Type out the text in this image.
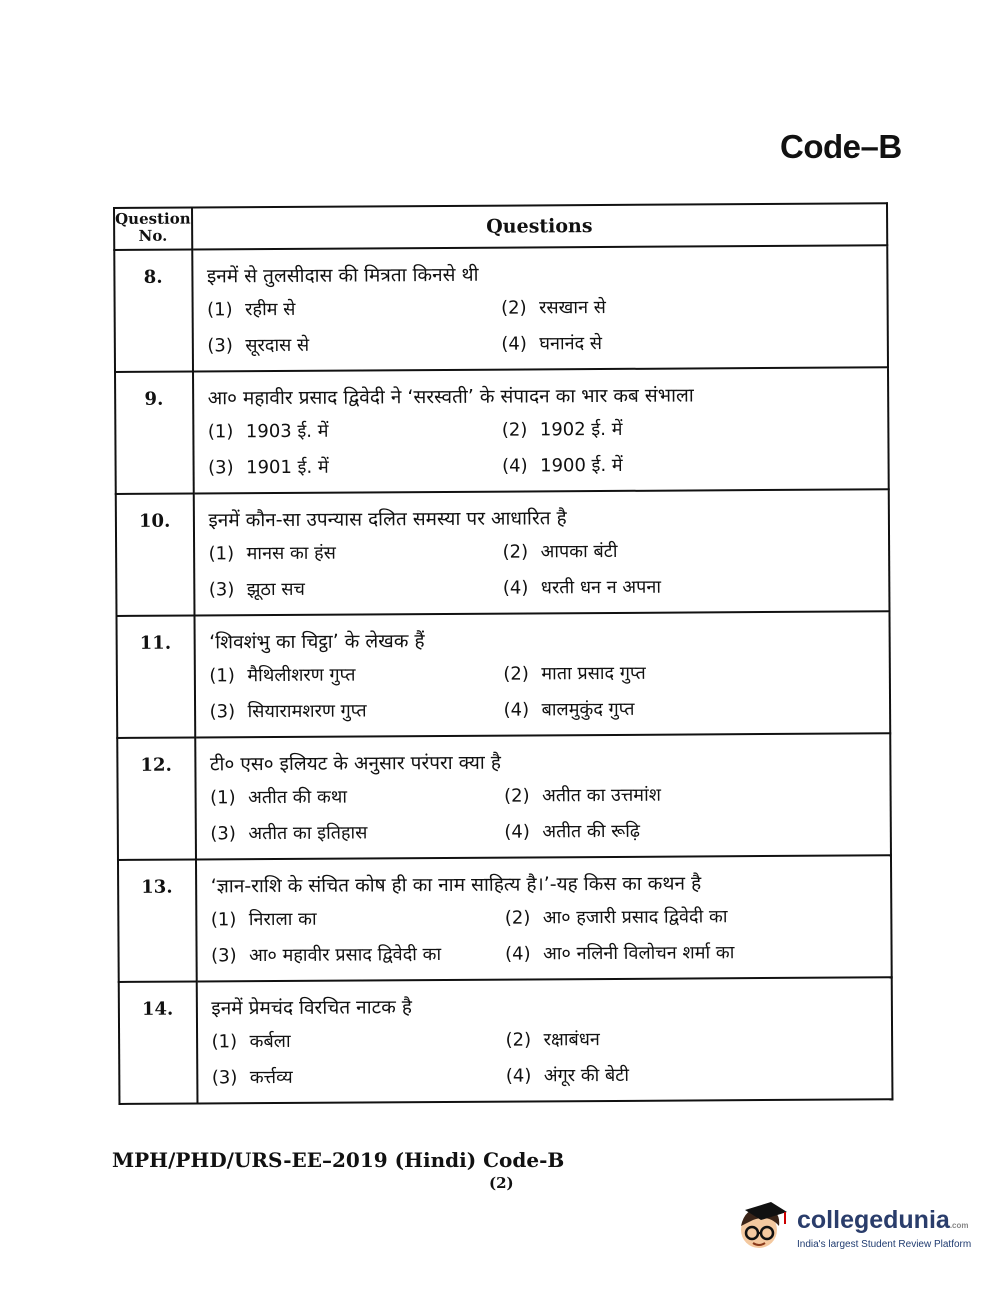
Code–B
Question No.	Questions
8.	इनमें से तुलसीदास की मित्रता किनसे थी
(1) रहीम से (2) रसखान से
(3) सूरदास से (4) घनानंद से

9.	आ० महावीर प्रसाद द्विवेदी ने ‘सरस्वती’ के संपादन का भार कब संभाला
(1) 1903 ई. में (2) 1902 ई. में
(3) 1901 ई. में (4) 1900 ई. में

10.	इनमें कौन-सा उपन्यास दलित समस्या पर आधारित है
(1) मानस का हंस (2) आपका बंटी
(3) झूठा सच (4) धरती धन न अपना

11.	‘शिवशंभु का चिट्ठा’ के लेखक हैं
(1) मैथिलीशरण गुप्त (2) माता प्रसाद गुप्त
(3) सियारामशरण गुप्त (4) बालमुकुंद गुप्त

12.	टी० एस० इलियट के अनुसार परंपरा क्या है
(1) अतीत की कथा (2) अतीत का उत्तमांश
(3) अतीत का इतिहास (4) अतीत की रूढ़ि

13.	‘ज्ञान-राशि के संचित कोष ही का नाम साहित्य है।’-यह किस का कथन है
(1) निराला का (2) आ० हजारी प्रसाद द्विवेदी का
(3) आ० महावीर प्रसाद द्विवेदी का (4) आ० नलिनी विलोचन शर्मा का

14.	इनमें प्रेमचंद विरचित नाटक है
(1) कर्बला (2) रक्षाबंधन
(3) कर्त्तव्य (4) अंगूर की बेटी
MPH/PHD/URS-EE–2019 (Hindi) Code-B
(2)
collegedunia.com
India's largest Student Review Platform
